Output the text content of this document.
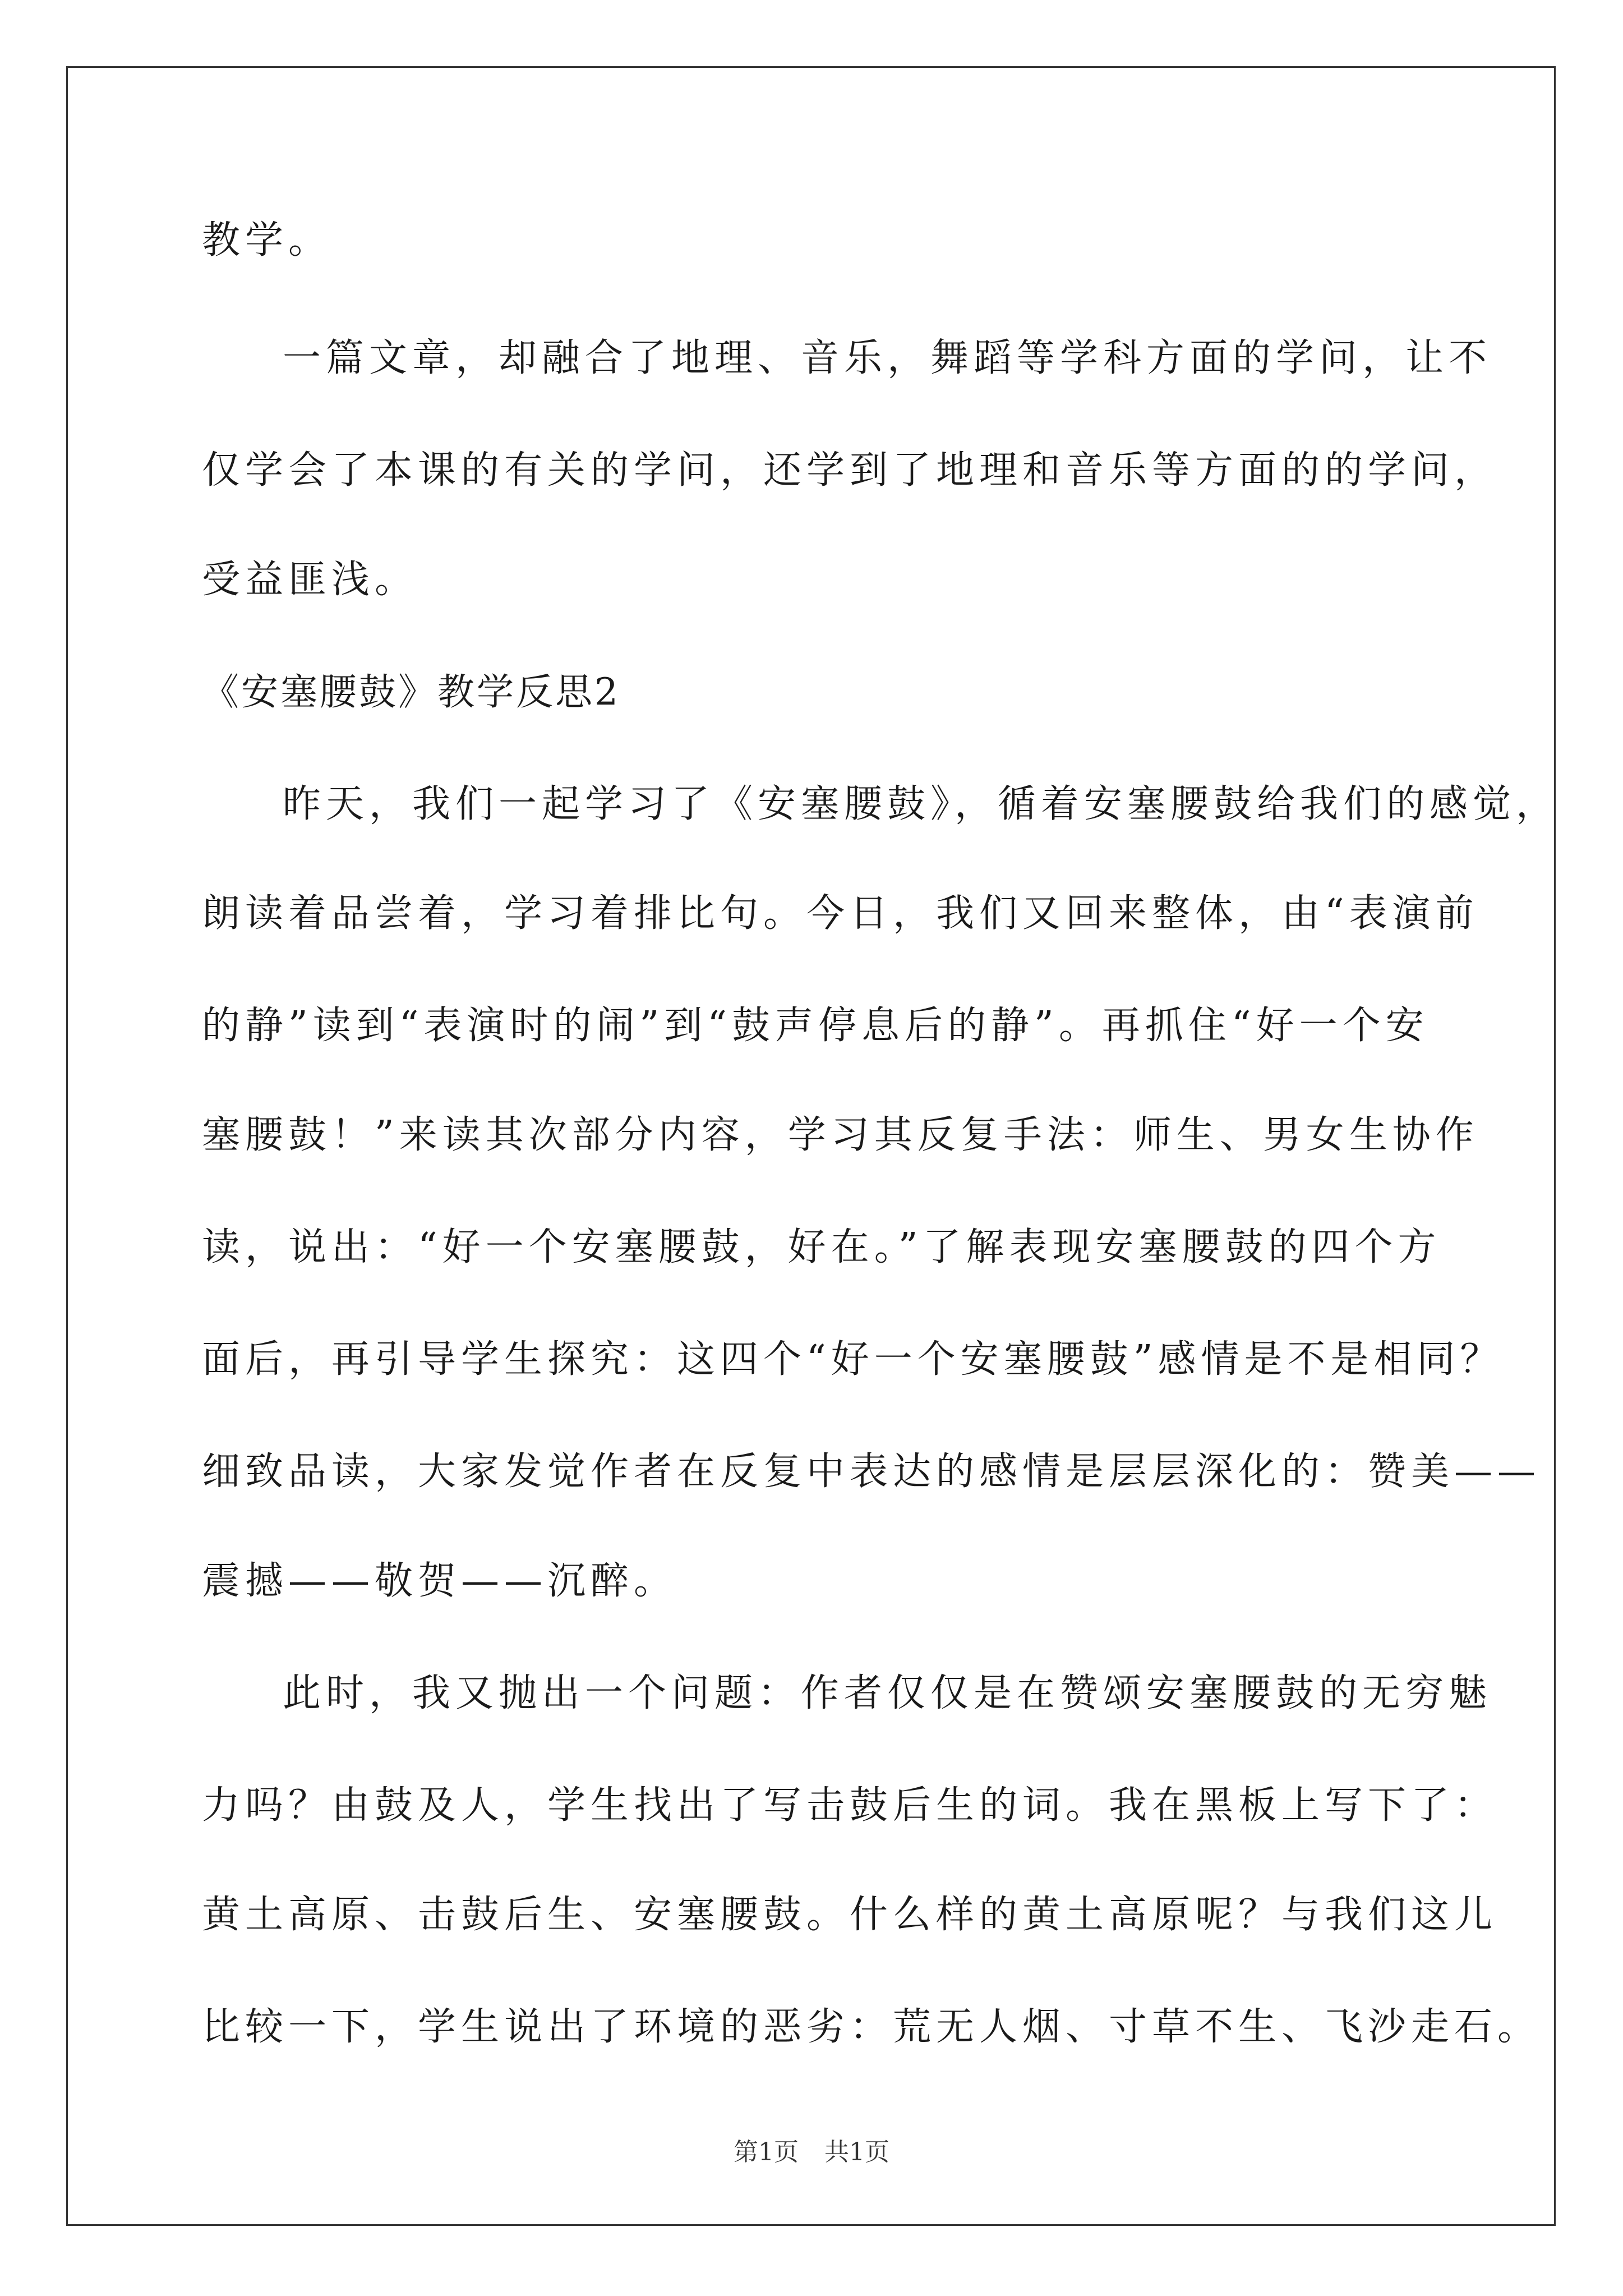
教学。
一篇文章，却融合了地理、音乐，舞蹈等学科方面的学问，让不
仅学会了本课的有关的学问，还学到了地理和音乐等方面的的学问，
受益匪浅。
《安塞腰鼓》教学反思2
昨天，我们一起学习了《安塞腰鼓》，循着安塞腰鼓给我们的感觉，
朗读着品尝着，学习着排比句。今日，我们又回来整体，由“表演前
的静”读到“表演时的闹”到“鼓声停息后的静”。再抓住“好一个安
塞腰鼓！”来读其次部分内容，学习其反复手法：师生、男女生协作
读，说出：“好一个安塞腰鼓，好在。”了解表现安塞腰鼓的四个方
面后，再引导学生探究：这四个“好一个安塞腰鼓”感情是不是相同？
细致品读，大家发觉作者在反复中表达的感情是层层深化的：赞美——
震撼——敬贺——沉醉。
此时，我又抛出一个问题：作者仅仅是在赞颂安塞腰鼓的无穷魅
力吗？由鼓及人，学生找出了写击鼓后生的词。我在黑板上写下了：
黄土高原、击鼓后生、安塞腰鼓。什么样的黄土高原呢？与我们这儿
比较一下，学生说出了环境的恶劣：荒无人烟、寸草不生、飞沙走石。
第1页 共1页
